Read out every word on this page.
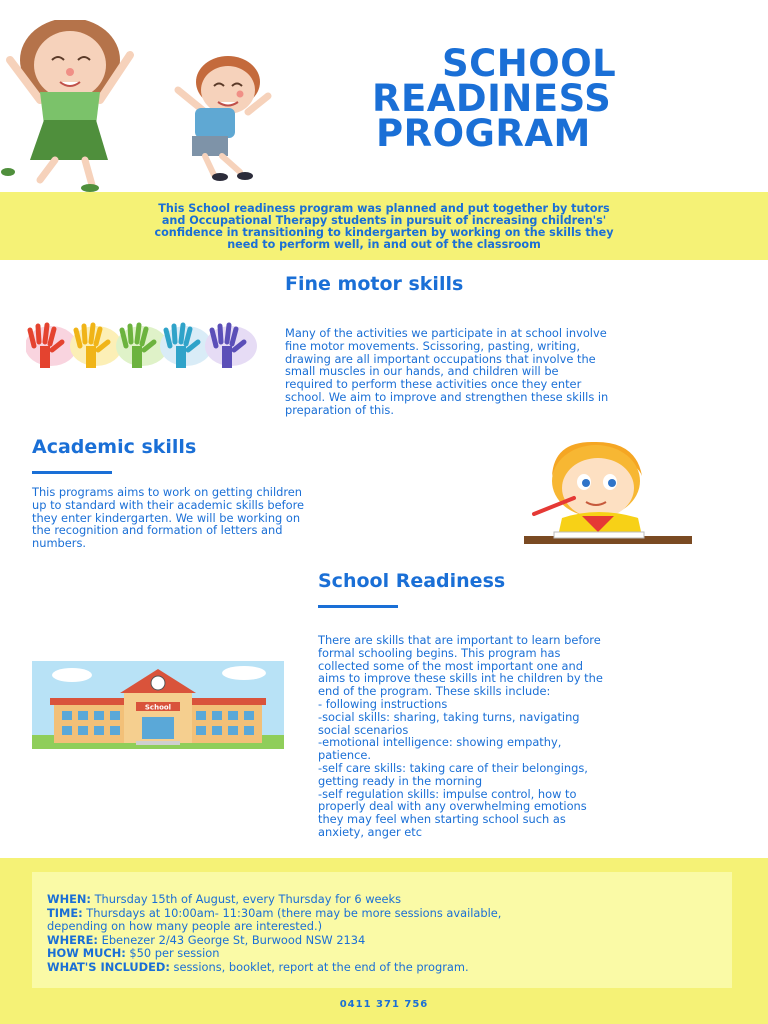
SCHOOL
READINESS
PROGRAM
This School readiness program was planned and put together by tutors
and Occupational Therapy students in pursuit of increasing children's'
confidence in transitioning to kindergarten by working on the skills they
need to perform well, in and out of the classroom
Fine motor skills
Many of the activities we participate in at school involve
fine motor movements. Scissoring, pasting, writing,
drawing are all important occupations that involve the
small muscles in our hands, and children will be
required to perform these activities once they enter
school. We aim to improve and strengthen these skills in
preparation of this.
Academic skills
This programs aims to work on getting children
up to standard with their academic skills before
they enter kindergarten. We will be working on
the recognition and formation of letters and
numbers.
School Readiness
School
There are skills that are important to learn before
formal schooling begins. This program has
collected some of the most important one and
aims to improve these skills int he children by the
end of the program. These skills include:
- following instructions
-social skills: sharing, taking turns, navigating
social scenarios
-emotional intelligence: showing empathy,
patience.
-self care skills: taking care of their belongings,
getting ready in the morning
-self regulation skills: impulse control, how to
properly deal with any overwhelming emotions
they may feel when starting school such as
anxiety, anger etc
WHEN: Thursday 15th of August, every Thursday for 6 weeks
TIME: Thursdays at 10:00am- 11:30am (there may be more sessions available,
depending on how many people are interested.)
WHERE: Ebenezer 2/43 George St, Burwood NSW 2134
HOW MUCH: $50 per session
WHAT'S INCLUDED: sessions, booklet, report at the end of the program.
0411 371 756
